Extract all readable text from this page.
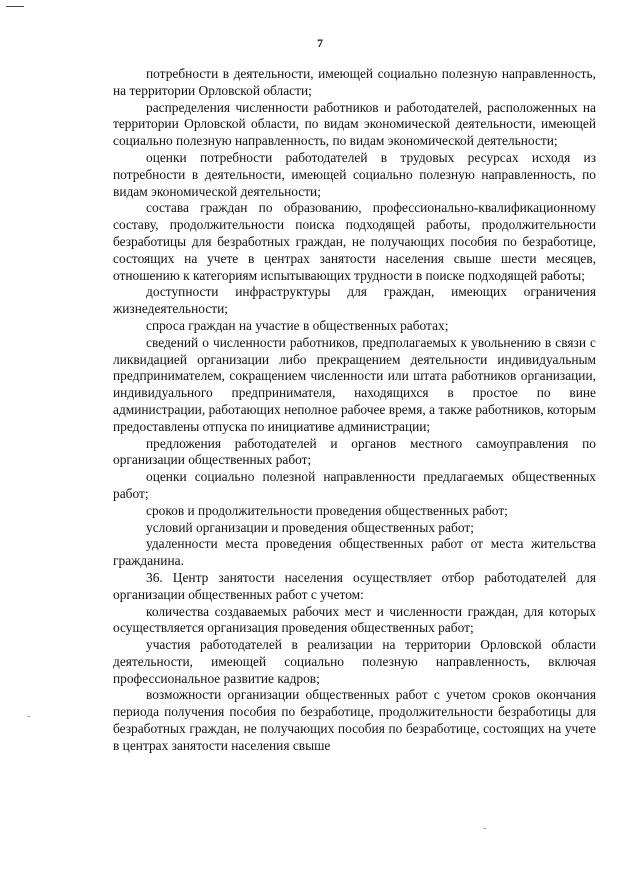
7

потребности в деятельности, имеющей социально полезную направленность, на территории Орловской области;

распределения численности работников и работодателей, расположенных на территории Орловской области, по видам экономической деятельности, имеющей социально полезную направленность, по видам экономической деятельности;

оценки потребности работодателей в трудовых ресурсах исходя из потребности в деятельности, имеющей социально полезную направленность, по видам экономической деятельности;

состава граждан по образованию, профессионально-квалификационному составу, продолжительности поиска подходящей работы, продолжительности безработицы для безработных граждан, не получающих пособия по безработице, состоящих на учете в центрах занятости населения свыше шести месяцев, отношению к категориям испытывающих трудности в поиске подходящей работы;

доступности инфраструктуры для граждан, имеющих ограничения жизнедеятельности;

спроса граждан на участие в общественных работах;

сведений о численности работников, предполагаемых к увольнению в связи с ликвидацией организации либо прекращением деятельности индивидуальным предпринимателем, сокращением численности или штата работников организации, индивидуального предпринимателя, находящихся в простое по вине администрации, работающих неполное рабочее время, а также работников, которым предоставлены отпуска по инициативе администрации;

предложения работодателей и органов местного самоуправления по организации общественных работ;

оценки социально полезной направленности предлагаемых общественных работ;

сроков и продолжительности проведения общественных работ;

условий организации и проведения общественных работ;

удаленности места проведения общественных работ от места жительства гражданина.

36. Центр занятости населения осуществляет отбор работодателей для организации общественных работ с учетом:

количества создаваемых рабочих мест и численности граждан, для которых осуществляется организация проведения общественных работ;

участия работодателей в реализации на территории Орловской области деятельности, имеющей социально полезную направленность, включая профессиональное развитие кадров;

возможности организации общественных работ с учетом сроков окончания периода получения пособия по безработице, продолжительности безработицы для безработных граждан, не получающих пособия по безработице, состоящих на учете в центрах занятости населения свыше
